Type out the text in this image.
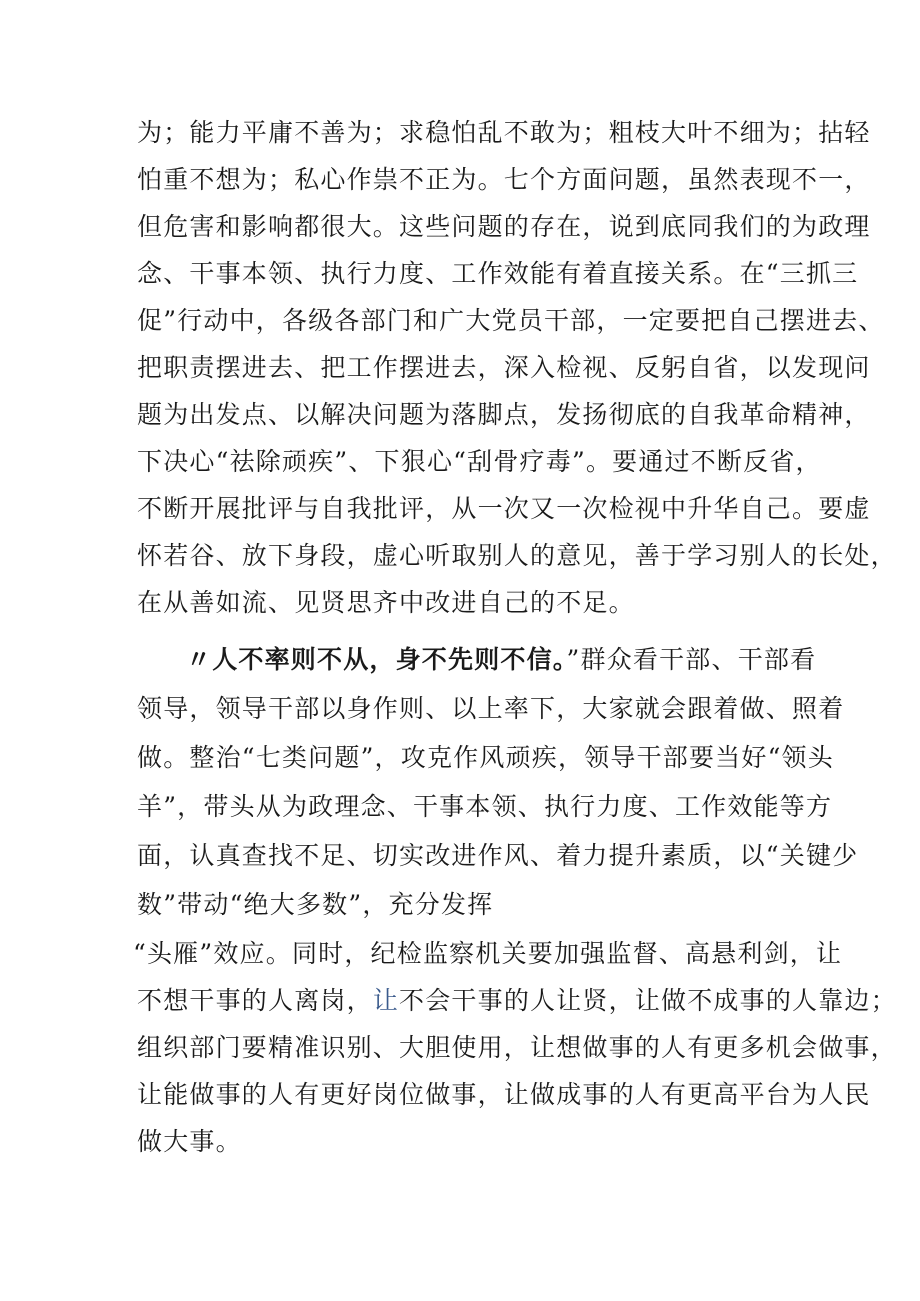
为；能力平庸不善为；求稳怕乱不敢为；粗枝大叶不细为；拈轻
怕重不想为；私心作祟不正为。七个方面问题，虽然表现不一，
但危害和影响都很大。这些问题的存在，说到底同我们的为政理
念、干事本领、执行力度、工作效能有着直接关系。在“三抓三
促”行动中，各级各部门和广大党员干部，一定要把自己摆进去、
把职责摆进去、把工作摆进去，深入检视、反躬自省，以发现问
题为出发点、以解决问题为落脚点，发扬彻底的自我革命精神，
下决心“祛除顽疾”、下狠心“刮骨疗毒”。要通过不断反省，
不断开展批评与自我批评，从一次又一次检视中升华自己。要虚
怀若谷、放下身段，虚心听取别人的意见，善于学习别人的长处，
在从善如流、见贤思齐中改进自己的不足。
〃人不率则不从，身不先则不信。”群众看干部、干部看
领导，领导干部以身作则、以上率下，大家就会跟着做、照着
做。整治“七类问题”，攻克作风顽疾，领导干部要当好“领头
羊”，带头从为政理念、干事本领、执行力度、工作效能等方
面，认真查找不足、切实改进作风、着力提升素质，以“关键少
数”带动“绝大多数”，充分发挥
“头雁”效应。同时，纪检监察机关要加强监督、高悬利剑，让
不想干事的人离岗，让不会干事的人让贤，让做不成事的人靠边；
组织部门要精准识别、大胆使用，让想做事的人有更多机会做事，
让能做事的人有更好岗位做事，让做成事的人有更高平台为人民
做大事。
